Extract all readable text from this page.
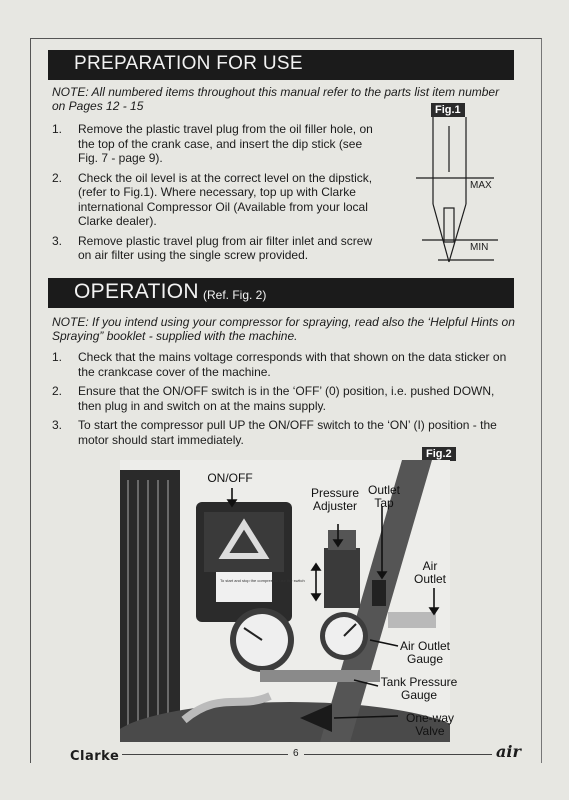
PREPARATION FOR USE

NOTE: All numbered items throughout this manual refer to the parts list item number on Pages 12 - 15	Fig.1
1. Remove the plastic travel plug from the oil filler hole, on the top of the crank case, and insert the dip stick (see Fig. 7 - page 9).
2. Check the oil level is at the correct level on the dipstick, (refer to Fig.1). Where necessary, top up with Clarke international Compressor Oil (Available from your local Clarke dealer).
3. Remove plastic travel plug from air filter inlet and screw on air filter using the single screw provided.
MAX
MIN
OPERATION (Ref. Fig. 2)

NOTE: If you intend using your compressor for spraying, read also the ‘Helpful Hints on Spraying” booklet - supplied with the machine.

1. Check that the mains voltage corresponds with that shown on the data sticker on the crankcase cover of the machine.
2. Ensure that the ON/OFF switch is in the ‘OFF’ (0) position, i.e. pushed DOWN, then plug in and switch on at the mains supply.
3. To start the compressor pull UP the ON/OFF switch to the ‘ON’ (I) position - the motor should start immediately.
Fig.2
To start and stop the compressor use the switch
ON/OFF
Pressure Adjuster
Outlet Tap
Air Outlet
Air Outlet Gauge
Tank Pressure Gauge
One-way Valve
Clarke	6	air
